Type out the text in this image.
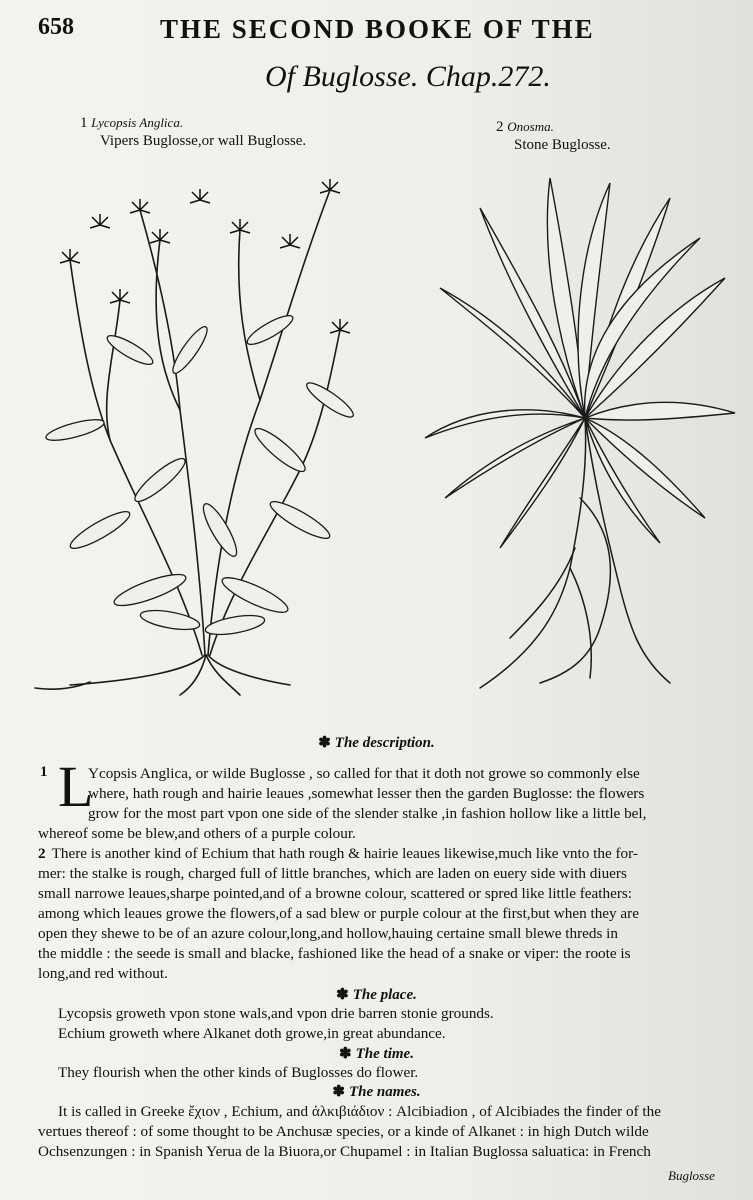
658	THE SECOND BOOKE OF THE
Of Buglosse. Chap.272.
1 Lycopsis Anglica.
Vipers Buglosse,or wall Buglosse.
2 Onosma.
Stone Buglosse.
✽ The description.
1 L
Ycopsis Anglica, or wilde Buglosse , so called for that it doth not growe so commonly else
where, hath rough and hairie leaues ,somewhat lesser then the garden Buglosse: the flowers
grow for the most part vpon one side of the slender stalke ,in fashion hollow like a little bel,
whereof some be blew,and others of a purple colour.
2 There is another kind of Echium that hath rough & hairie leaues likewise,much like vnto the for-
mer: the stalke is rough, charged full of little branches, which are laden on euery side with diuers
small narrowe leaues,sharpe pointed,and of a browne colour, scattered or spred like little feathers:
among which leaues growe the flowers,of a sad blew or purple colour at the first,but when they are
open they shewe to be of an azure colour,long,and hollow,hauing certaine small blewe threds in
the middle : the seede is small and blacke, fashioned like the head of a snake or viper: the roote is
long,and red without.
✽ The place.
Lycopsis groweth vpon stone wals,and vpon drie barren stonie grounds.
Echium groweth where Alkanet doth growe,in great abundance.
✽ The time.
They flourish when the other kinds of Buglosses do flower.
✽ The names.
It is called in Greeke ἔχιον , Echium, and ἀλκιβιάδιον : Alcibiadion , of Alcibiades the finder of the
vertues thereof : of some thought to be Anchusæ species, or a kinde of Alkanet : in high Dutch wilde
Ochsenzungen : in Spanish Yerua de la Biuora,or Chupamel : in Italian Buglossa saluatica: in French
Buglosse
